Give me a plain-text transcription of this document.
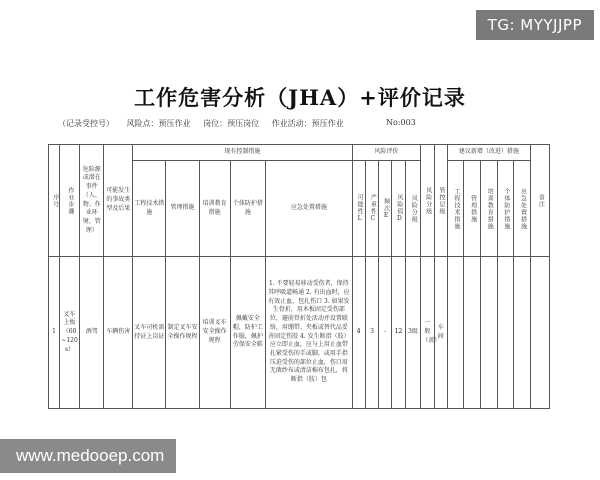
TG: MYYJJPP
工作危害分析（JHA）+评价记录
（记录受控号） 风险点：预压作业 岗位：预压岗位 作业活动：预压作业	No:003
序号	作业步骤	危险源或潜在事件（人、物、作业环境、管理）	可能发生的事故类型及后果	现有控制措施					风险评价					风险分级	管控层级	建议新增（改进）措施					备注

				工程技术措施	管理措施	培训教育措施	个体防护措施	应急处置措施	可能性L	严重性C	频次E	风险值D	风险分级			工程技术措施	管理措施	培训教育措施	个体防护措施	应急处置措施	

1	叉车上板（60~120s）	酒驾	车辆伤害	叉车司机需持证上岗证	制定叉车安全操作规程	培训叉车安全操作规程	佩戴安全帽，防护工作服，佩护劳保安全鞋	1. 不要轻易移动受伤者，保持其呼吸道畅通 2. 有出血时，应有效止血，包扎伤口 3. 如果发生骨折，用木板固定受伤部位，避前骨折处活动并设置联络，用绷带、夹板或替代品妥善固定伤肢 4. 发生断指（肢）应立即止血，应与上用止血带扎紧受伤的手或脚，或用手指压迫受伤的部位止血，伤口用无菌纱布或清洁棉布包扎，将断指（肢）包	4	3	-	12	3级	一般（黄）	车间						
www.medooep.com
